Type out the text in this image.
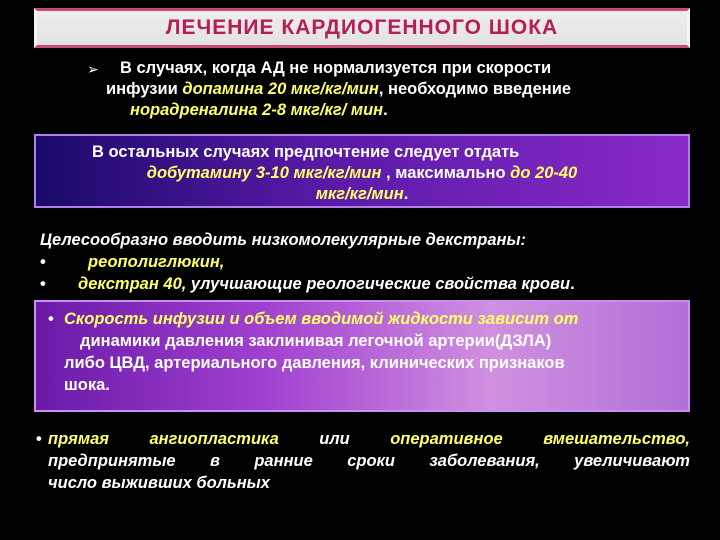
ЛЕЧЕНИЕ КАРДИОГЕННОГО ШОКА
➢ В случаях, когда АД не нормализуется при скорости
инфузии допамина 20 мкг/кг/мин, необходимо введение
норадреналина 2-8 мкг/кг/ мин.
В остальных случаях предпочтение следует отдать
добутамину 3-10 мкг/кг/мин , максимально до 20-40
мкг/кг/мин.
Целесообразно вводить низкомолекулярные декстраны:
•	реополиглюкин,
• декстран 40, улучшающие реологические свойства крови.
• Скорость инфузии и объем вводимой жидкости зависит от
динамики давления заклинивая легочной артерии(ДЗЛА)
либо ЦВД, артериального давления, клинических признаков
шока.
• прямая ангиопластика или оперативное вмешательство,
предпринятые в ранние сроки заболевания, увеличивают
число выживших больных
